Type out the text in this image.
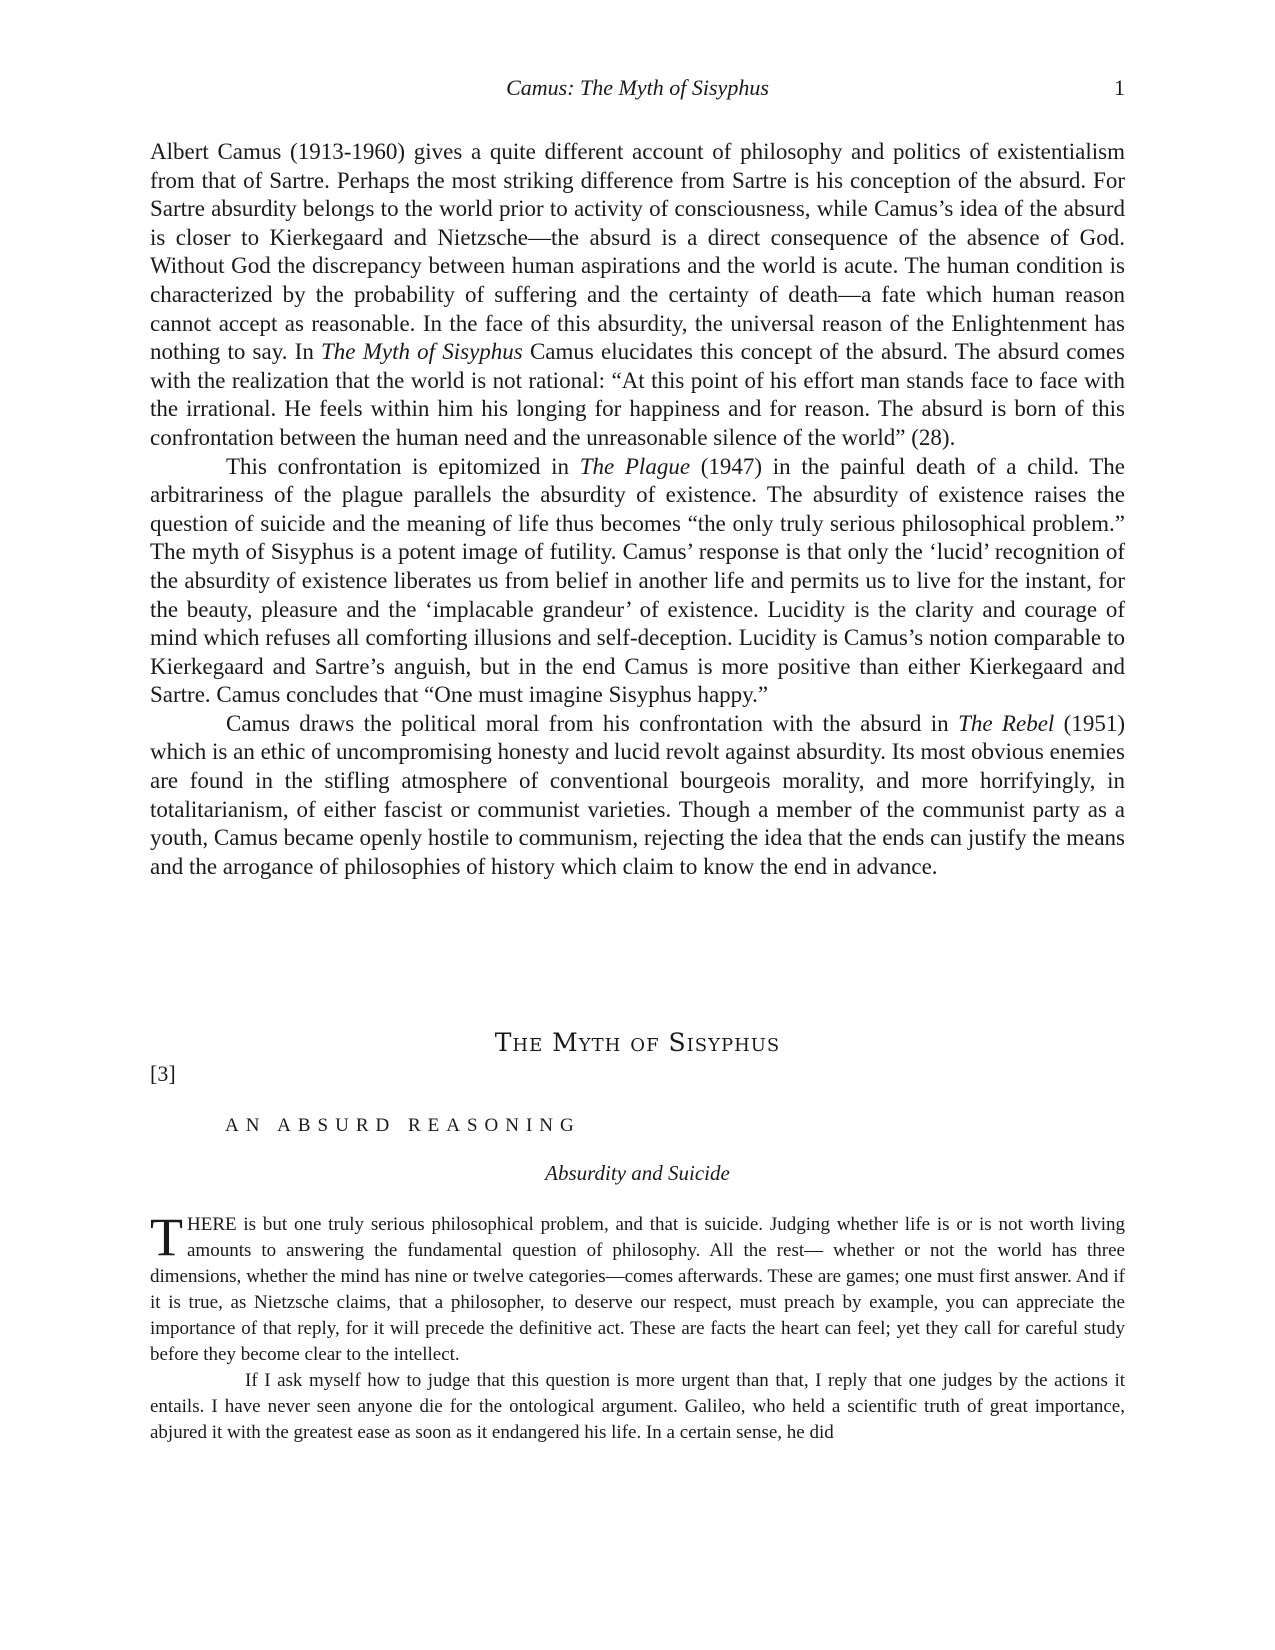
Camus: The Myth of Sisyphus	1

Albert Camus (1913-1960) gives a quite different account of philosophy and politics of existentialism from that of Sartre. Perhaps the most striking difference from Sartre is his conception of the absurd. For Sartre absurdity belongs to the world prior to activity of consciousness, while Camus’s idea of the absurd is closer to Kierkegaard and Nietzsche—the absurd is a direct consequence of the absence of God. Without God the discrepancy between human aspirations and the world is acute. The human condition is characterized by the probability of suffering and the certainty of death—a fate which human reason cannot accept as reasonable. In the face of this absurdity, the universal reason of the Enlightenment has nothing to say. In The Myth of Sisyphus Camus elucidates this concept of the absurd. The absurd comes with the realization that the world is not rational: “At this point of his effort man stands face to face with the irrational. He feels within him his longing for happiness and for reason. The absurd is born of this confrontation between the human need and the unreasonable silence of the world” (28).

This confrontation is epitomized in The Plague (1947) in the painful death of a child. The arbitrariness of the plague parallels the absurdity of existence. The absurdity of existence raises the question of suicide and the meaning of life thus becomes “the only truly serious philosophical problem.” The myth of Sisyphus is a potent image of futility. Camus’ response is that only the ‘lucid’ recognition of the absurdity of existence liberates us from belief in another life and permits us to live for the instant, for the beauty, pleasure and the ‘implacable grandeur’ of existence. Lucidity is the clarity and courage of mind which refuses all comforting illusions and self-deception. Lucidity is Camus’s notion comparable to Kierkegaard and Sartre’s anguish, but in the end Camus is more positive than either Kierkegaard and Sartre. Camus concludes that “One must imagine Sisyphus happy.”

Camus draws the political moral from his confrontation with the absurd in The Rebel (1951) which is an ethic of uncompromising honesty and lucid revolt against absurdity. Its most obvious enemies are found in the stifling atmosphere of conventional bourgeois morality, and more horrifyingly, in totalitarianism, of either fascist or communist varieties. Though a member of the communist party as a youth, Camus became openly hostile to communism, rejecting the idea that the ends can justify the means and the arrogance of philosophies of history which claim to know the end in advance.

The Myth of Sisyphus
[3]
AN ABSURD REASONING
Absurdity and Suicide

THERE is but one truly serious philosophical problem, and that is suicide. Judging whether life is or is not worth living amounts to answering the fundamental question of philosophy. All the rest— whether or not the world has three dimensions, whether the mind has nine or twelve categories—comes afterwards. These are games; one must first answer. And if it is true, as Nietzsche claims, that a philosopher, to deserve our respect, must preach by example, you can appreciate the importance of that reply, for it will precede the definitive act. These are facts the heart can feel; yet they call for careful study before they become clear to the intellect.

If I ask myself how to judge that this question is more urgent than that, I reply that one judges by the actions it entails. I have never seen anyone die for the ontological argument. Galileo, who held a scientific truth of great importance, abjured it with the greatest ease as soon as it endangered his life. In a certain sense, he did
